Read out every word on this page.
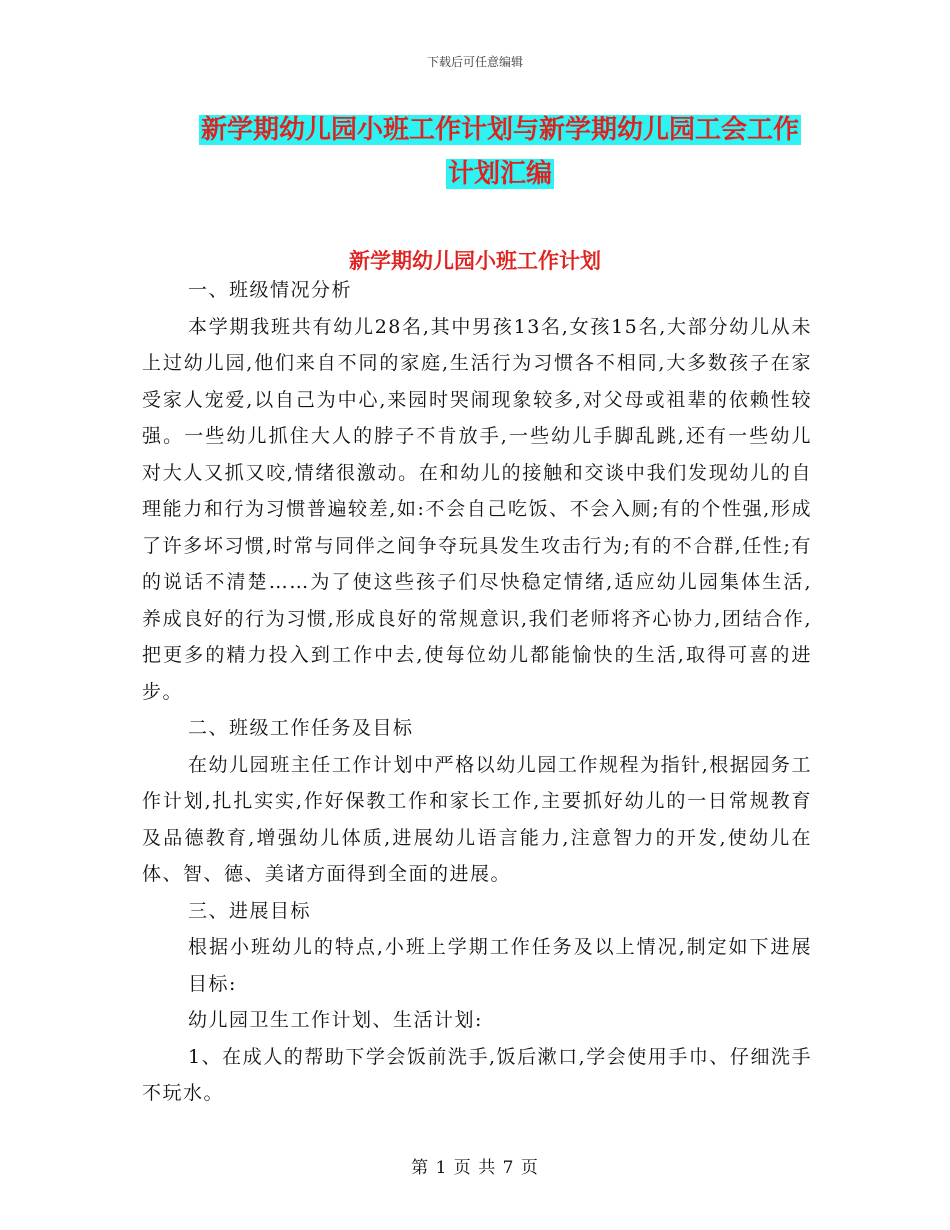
下载后可任意编辑
新学期幼儿园小班工作计划与新学期幼儿园工会工作
计划汇编
新学期幼儿园小班工作计划

一、班级情况分析

本学期我班共有幼儿28名,其中男孩13名,女孩15名,大部分幼儿从未上过幼儿园,他们来自不同的家庭,生活行为习惯各不相同,大多数孩子在家受家人宠爱,以自己为中心,来园时哭闹现象较多,对父母或祖辈的依赖性较强。一些幼儿抓住大人的脖子不肯放手,一些幼儿手脚乱跳,还有一些幼儿对大人又抓又咬,情绪很激动。在和幼儿的接触和交谈中我们发现幼儿的自理能力和行为习惯普遍较差,如:不会自己吃饭、不会入厕;有的个性强,形成了许多坏习惯,时常与同伴之间争夺玩具发生攻击行为;有的不合群,任性;有的说话不清楚……为了使这些孩子们尽快稳定情绪,适应幼儿园集体生活,养成良好的行为习惯,形成良好的常规意识,我们老师将齐心协力,团结合作,把更多的精力投入到工作中去,使每位幼儿都能愉快的生活,取得可喜的进步。

二、班级工作任务及目标

在幼儿园班主任工作计划中严格以幼儿园工作规程为指针,根据园务工作计划,扎扎实实,作好保教工作和家长工作,主要抓好幼儿的一日常规教育及品德教育,增强幼儿体质,进展幼儿语言能力,注意智力的开发,使幼儿在体、智、德、美诸方面得到全面的进展。

三、进展目标

根据小班幼儿的特点,小班上学期工作任务及以上情况,制定如下进展目标:

幼儿园卫生工作计划、生活计划:

1、在成人的帮助下学会饭前洗手,饭后漱口,学会使用手巾、仔细洗手不玩水。

第 1 页 共 7 页
